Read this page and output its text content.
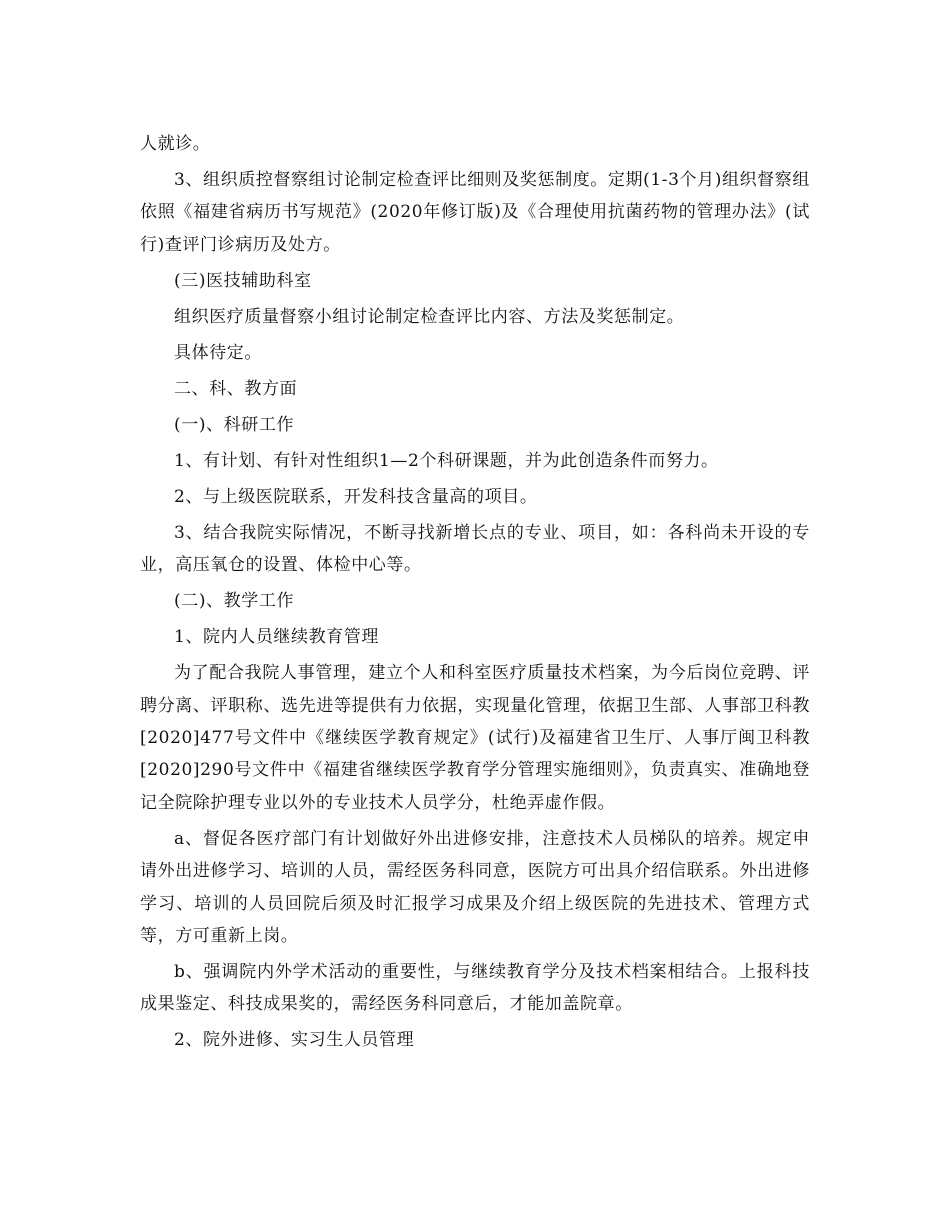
人就诊。

3、组织质控督察组讨论制定检查评比细则及奖惩制度。定期(1-3个月)组织督察组依照《福建省病历书写规范》(2020年修订版)及《合理使用抗菌药物的管理办法》(试行)查评门诊病历及处方。

(三)医技辅助科室

组织医疗质量督察小组讨论制定检查评比内容、方法及奖惩制定。

具体待定。

二、科、教方面

(一)、科研工作

1、有计划、有针对性组织1—2个科研课题，并为此创造条件而努力。

2、与上级医院联系，开发科技含量高的项目。

3、结合我院实际情况，不断寻找新增长点的专业、项目，如：各科尚未开设的专业，高压氧仓的设置、体检中心等。

(二)、教学工作

1、院内人员继续教育管理

为了配合我院人事管理，建立个人和科室医疗质量技术档案，为今后岗位竞聘、评聘分离、评职称、选先进等提供有力依据，实现量化管理，依据卫生部、人事部卫科教[2020]477号文件中《继续医学教育规定》(试行)及福建省卫生厅、人事厅闽卫科教[2020]290号文件中《福建省继续医学教育学分管理实施细则》，负责真实、准确地登记全院除护理专业以外的专业技术人员学分，杜绝弄虚作假。

a、督促各医疗部门有计划做好外出进修安排，注意技术人员梯队的培养。规定申请外出进修学习、培训的人员，需经医务科同意，医院方可出具介绍信联系。外出进修学习、培训的人员回院后须及时汇报学习成果及介绍上级医院的先进技术、管理方式等，方可重新上岗。

b、强调院内外学术活动的重要性，与继续教育学分及技术档案相结合。上报科技成果鉴定、科技成果奖的，需经医务科同意后，才能加盖院章。

2、院外进修、实习生人员管理
